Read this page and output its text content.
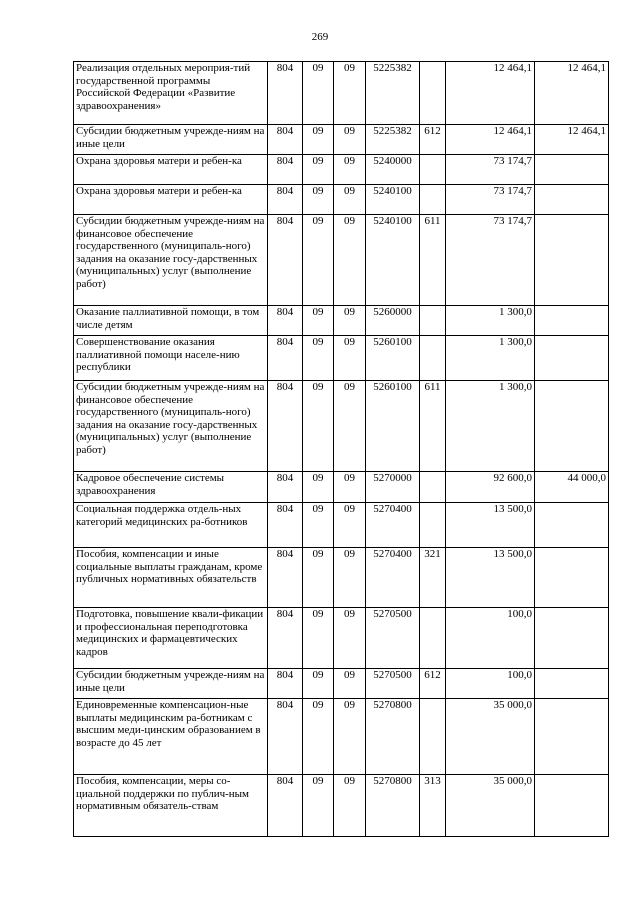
269
Реализация отдельных мероприя-тий государственной программы Российской Федерации «Развитие здравоохранения»	804	09	09	5225382		12 464,1	12 464,1
Субсидии бюджетным учрежде-ниям на иные цели	804	09	09	5225382	612	12 464,1	12 464,1
Охрана здоровья матери и ребен-ка	804	09	09	5240000		73 174,7	
Охрана здоровья матери и ребен-ка	804	09	09	5240100		73 174,7	
Субсидии бюджетным учрежде-ниям на финансовое обеспечение государственного (муниципаль-ного) задания на оказание госу-дарственных (муниципальных) услуг (выполнение работ)	804	09	09	5240100	611	73 174,7	
Оказание паллиативной помощи, в том числе детям	804	09	09	5260000		1 300,0	
Совершенствование оказания паллиативной помощи населе-нию республики	804	09	09	5260100		1 300,0	
Субсидии бюджетным учрежде-ниям на финансовое обеспечение государственного (муниципаль-ного) задания на оказание госу-дарственных (муниципальных) услуг (выполнение работ)	804	09	09	5260100	611	1 300,0	
Кадровое обеспечение системы здравоохранения	804	09	09	5270000		92 600,0	44 000,0
Социальная поддержка отдель-ных категорий медицинских ра-ботников	804	09	09	5270400		13 500,0	
Пособия, компенсации и иные социальные выплаты гражданам, кроме публичных нормативных обязательств	804	09	09	5270400	321	13 500,0	
Подготовка, повышение квали-фикации и профессиональная переподготовка медицинских и фармацевтических кадров	804	09	09	5270500		100,0	
Субсидии бюджетным учрежде-ниям на иные цели	804	09	09	5270500	612	100,0	
Единовременные компенсацион-ные выплаты медицинским ра-ботникам с высшим меди-цинским образованием в возрасте до 45 лет	804	09	09	5270800		35 000,0	
Пособия, компенсации, меры со-циальной поддержки по публич-ным нормативным обязатель-ствам	804	09	09	5270800	313	35 000,0	
